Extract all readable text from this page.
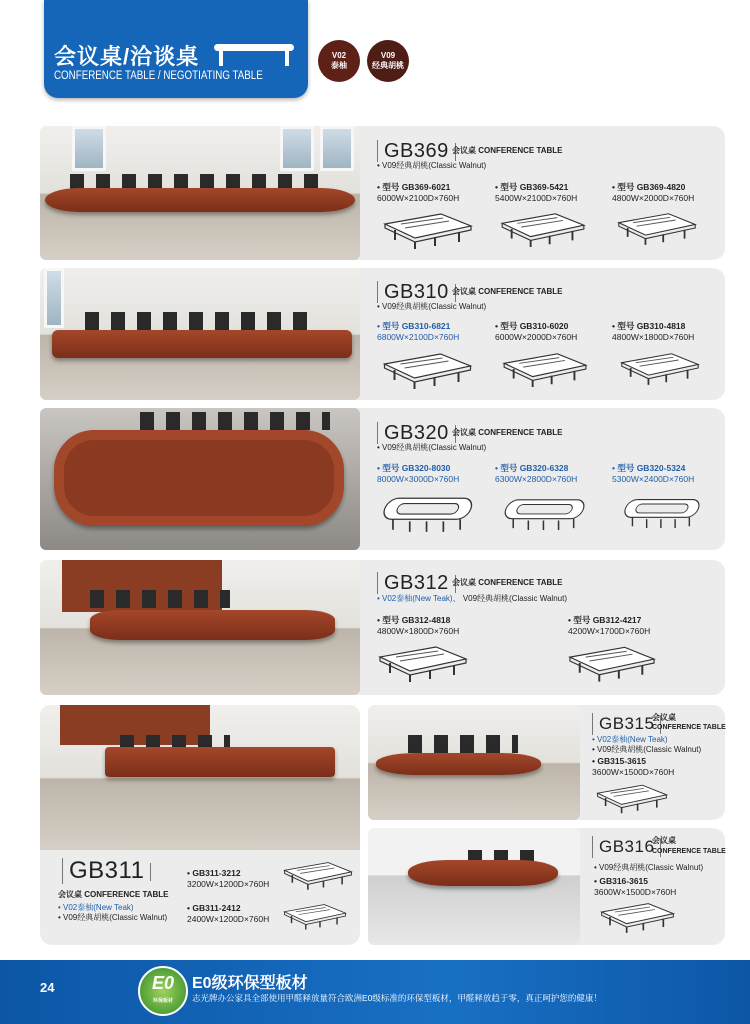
会议桌/洽谈桌
CONFERENCE TABLE / NEGOTIATING TABLE
V02
泰柚
V09
经典胡桃
GB369 会议桌 CONFERENCE TABLE
• V09经典胡桃(Classic Walnut)
• 型号 GB369-6021
6000W×2100D×760H
• 型号 GB369-5421
5400W×2100D×760H
• 型号 GB369-4820
4800W×2000D×760H
GB310 会议桌 CONFERENCE TABLE
• V09经典胡桃(Classic Walnut)
• 型号 GB310-6821
6800W×2100D×760H
• 型号 GB310-6020
6000W×2000D×760H
• 型号 GB310-4818
4800W×1800D×760H
GB320 会议桌 CONFERENCE TABLE
• V09经典胡桃(Classic Walnut)
• 型号 GB320-8030
8000W×3000D×760H
• 型号 GB320-6328
6300W×2800D×760H
• 型号 GB320-5324
5300W×2400D×760H
GB312 会议桌 CONFERENCE TABLE
• V02泰柚(New Teak)、 V09经典胡桃(Classic Walnut)
• 型号 GB312-4818
4800W×1800D×760H
• 型号 GB312-4217
4200W×1700D×760H
GB311
会议桌 CONFERENCE TABLE
• V02泰柚(New Teak)
• V09经典胡桃(Classic Walnut)
• GB311-3212
3200W×1200D×760H
• GB311-2412
2400W×1200D×760H
GB315
会议桌
CONFERENCE TABLE
• V02泰柚(New Teak)
• V09经典胡桃(Classic Walnut)
• GB315-3615
3600W×1500D×760H
GB316
会议桌
CONFERENCE TABLE
• V09经典胡桃(Classic Walnut)
• GB316-3615
3600W×1500D×760H
24	E0
环保板材
E0级环保型板材
志光牌办公家具全部使用甲醛释放量符合欧洲E0级标准的环保型板材，甲醛释放趋于零，真正呵护您的健康！
